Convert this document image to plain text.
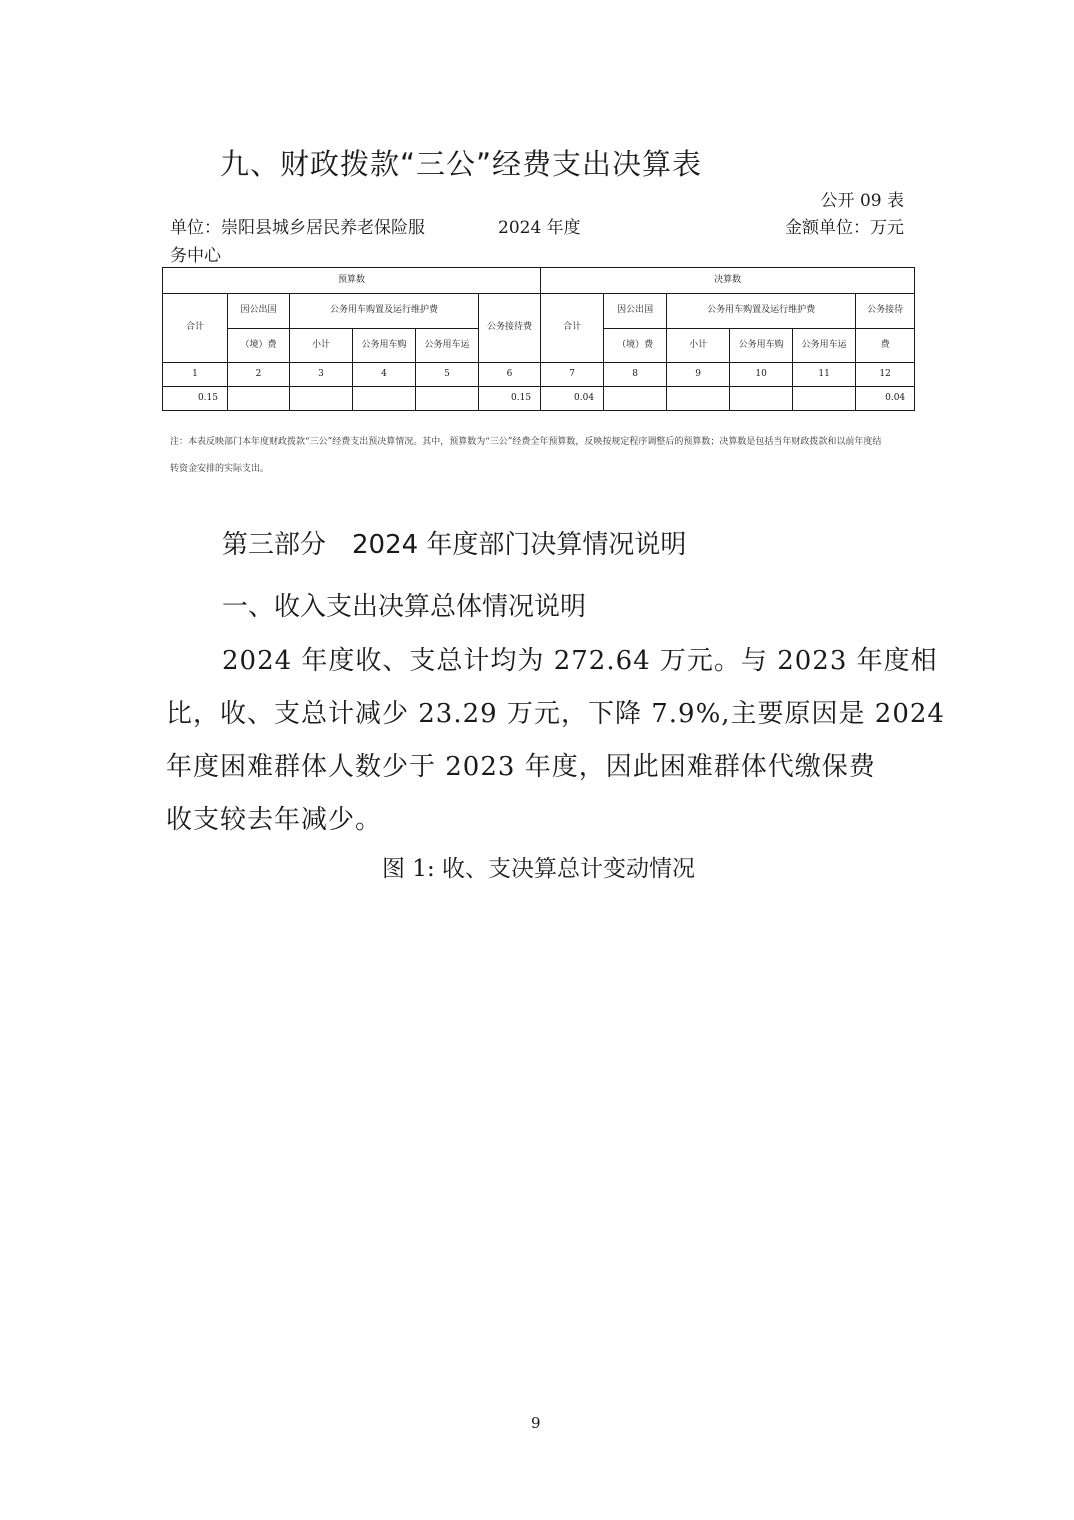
九、财政拨款“三公”经费支出决算表
公开 09 表
单位：崇阳县城乡居民养老保险服	2024 年度	金额单位：万元
务中心
预算数						决算数					
合计	因公出国	公务用车购置及运行维护费			公务接待费	合计	因公出国	公务用车购置及运行维护费			公务接待
	（境）费	小计	公务用车购	公务用车运			（境）费	小计	公务用车购	公务用车运	费
1	2	3	4	5	6	7	8	9	10	11	12
0.15					0.15	0.04					0.04
注：本表反映部门本年度财政拨款“三公”经费支出预决算情况。其中，预算数为“三公”经费全年预算数，反映按规定程序调整后的预算数；决算数是包括当年财政拨款和以前年度结
转资金安排的实际支出。
第三部分　2024 年度部门决算情况说明
一、收入支出决算总体情况说明
2024 年度收、支总计均为 272.64 万元。与 2023 年度相
比，收、支总计减少 23.29 万元，下降 7.9%,主要原因是 2024
年度困难群体人数少于 2023 年度，因此困难群体代缴保费
收支较去年减少。
图 1: 收、支决算总计变动情况
9
